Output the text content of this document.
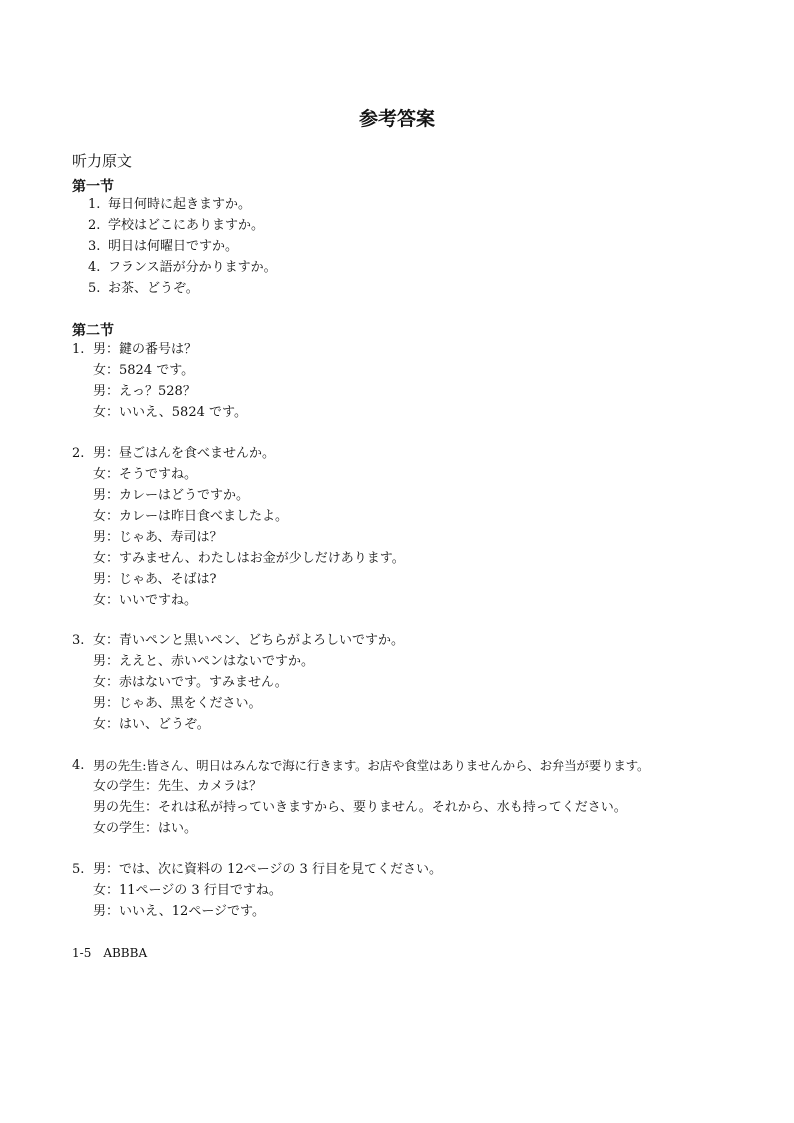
参考答案
听力原文
第一节
1. 毎日何時に起きますか。
2. 学校はどこにありますか。
3. 明日は何曜日ですか。
4. フランス語が分かりますか。
5. お茶、どうぞ。
第二节
1. 男：鍵の番号は？
女：5824 です。
男：えっ？528？
女：いいえ、5824 です。
2. 男：昼ごはんを食べませんか。
女：そうですね。
男：カレーはどうですか。
女：カレーは昨日食べましたよ。
男：じゃあ、寿司は？
女：すみません、わたしはお金が少しだけあります。
男：じゃあ、そばは?
女：いいですね。
3. 女：青いペンと黒いペン、どちらがよろしいですか。
男：ええと、赤いペンはないですか。
女：赤はないです。すみません。
男：じゃあ、黒をください。
女：はい、どうぞ。
4. 男の先生:皆さん、明日はみんなで海に行きます。お店や食堂はありませんから、お弁当が要ります。
女の学生：先生、カメラは？
男の先生：それは私が持っていきますから、要りません。それから、水も持ってください。
女の学生：はい。
5. 男：では、次に資料の 12ページの 3 行目を見てください。
女：11ページの 3 行目ですね。
男：いいえ、12ページです。
1-5　ABBBA
